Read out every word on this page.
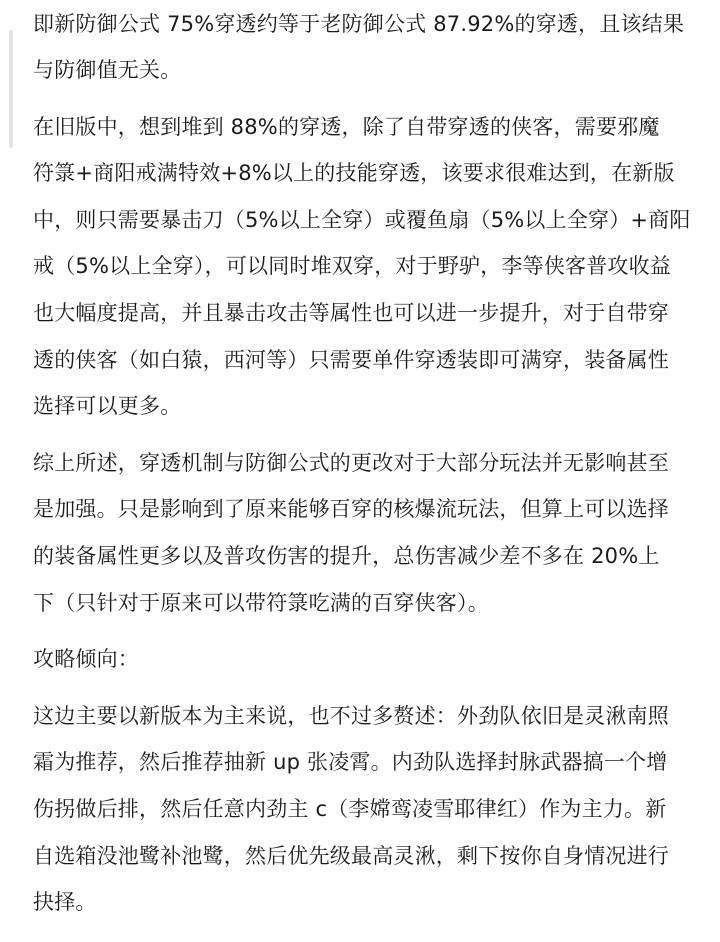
即新防御公式 75%穿透约等于老防御公式 87.92%的穿透，且该结果
与防御值无关。
在旧版中，想到堆到 88%的穿透，除了自带穿透的侠客，需要邪魔
符箓+商阳戒满特效+8%以上的技能穿透，该要求很难达到，在新版
中，则只需要暴击刀（5%以上全穿）或覆鱼扇（5%以上全穿）+商阳
戒（5%以上全穿），可以同时堆双穿，对于野驴，李等侠客普攻收益
也大幅度提高，并且暴击攻击等属性也可以进一步提升，对于自带穿
透的侠客（如白猿，西河等）只需要单件穿透装即可满穿，装备属性
选择可以更多。
综上所述，穿透机制与防御公式的更改对于大部分玩法并无影响甚至
是加强。只是影响到了原来能够百穿的核爆流玩法，但算上可以选择
的装备属性更多以及普攻伤害的提升，总伤害减少差不多在 20%上
下（只针对于原来可以带符箓吃满的百穿侠客）。
攻略倾向：
这边主要以新版本为主来说，也不过多赘述：外劲队依旧是灵湫南照
霜为推荐，然后推荐抽新 up 张凌霄。内劲队选择封脉武器搞一个增
伤拐做后排，然后任意内劲主 c（李嫦鸾凌雪耶律红）作为主力。新
自选箱没池鹭补池鹭，然后优先级最高灵湫，剩下按你自身情况进行
抉择。
